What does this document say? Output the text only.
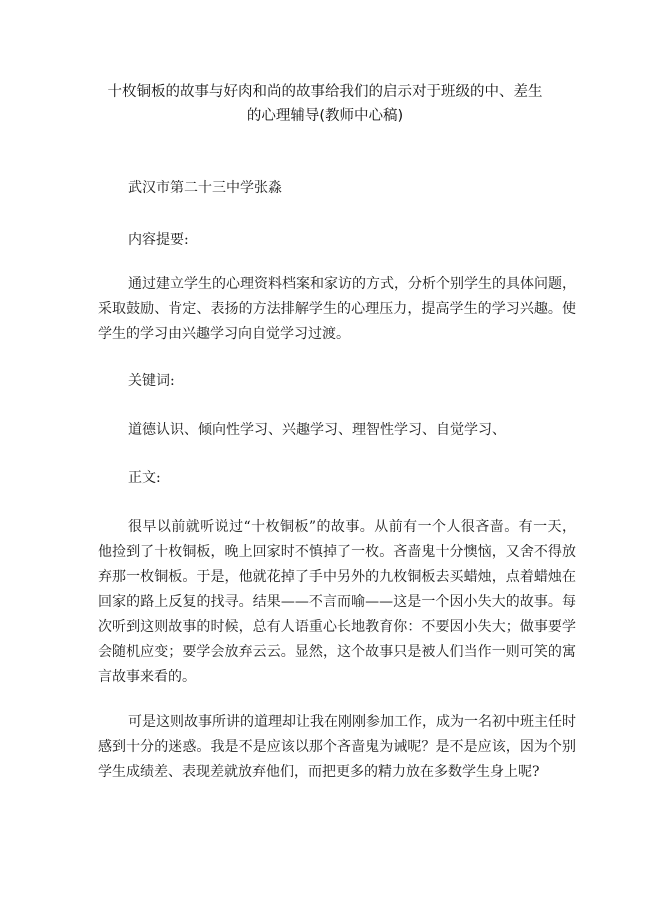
十枚铜板的故事与好肉和尚的故事给我们的启示对于班级的中、差生
的心理辅导(教师中心稿)

武汉市第二十三中学张淼

内容提要:

通过建立学生的心理资料档案和家访的方式，分析个别学生的具体问题，采取鼓励、肯定、表扬的方法排解学生的心理压力，提高学生的学习兴趣。使学生的学习由兴趣学习向自觉学习过渡。

关键词:

道德认识、倾向性学习、兴趣学习、理智性学习、自觉学习、

正文:

很早以前就听说过“十枚铜板”的故事。从前有一个人很吝啬。有一天，他捡到了十枚铜板，晚上回家时不慎掉了一枚。吝啬鬼十分懊恼，又舍不得放弃那一枚铜板。于是，他就花掉了手中另外的九枚铜板去买蜡烛，点着蜡烛在回家的路上反复的找寻。结果——不言而喻——这是一个因小失大的故事。每次听到这则故事的时候，总有人语重心长地教育你：不要因小失大；做事要学会随机应变；要学会放弃云云。显然，这个故事只是被人们当作一则可笑的寓言故事来看的。

可是这则故事所讲的道理却让我在刚刚参加工作，成为一名初中班主任时感到十分的迷惑。我是不是应该以那个吝啬鬼为诫呢？是不是应该，因为个别学生成绩差、表现差就放弃他们，而把更多的精力放在多数学生身上呢?
